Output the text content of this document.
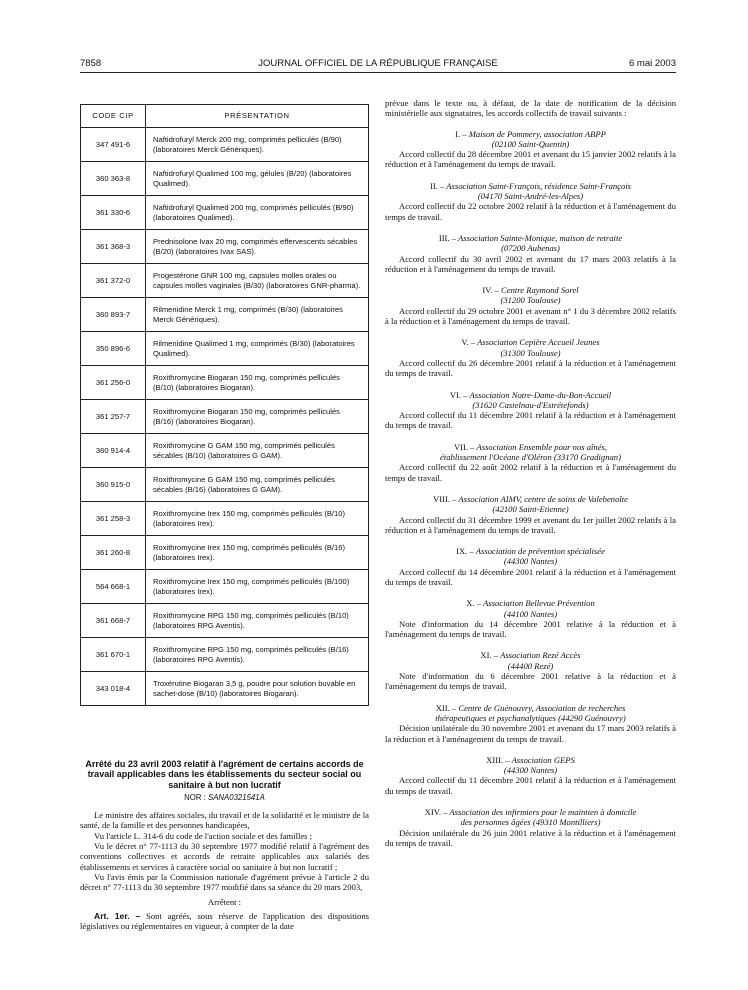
7858	JOURNAL OFFICIEL DE LA RÉPUBLIQUE FRANÇAISE	6 mai 2003
CODE CIP	PRÉSENTATION
347 491-6	Naftidrofuryl Merck 200 mg, comprimés pelliculés (B/90) (laboratoires Merck Génériques).
360 363-8	Naftidrofuryl Qualimed 100 mg, gélules (B/20) (laboratoires Qualimed).
361 330-6	Naftidrofuryl Qualimed 200 mg, comprimés pelliculés (B/90) (laboratoires Qualimed).
361 368-3	Prednisolone Ivax 20 mg, comprimés effervescents sécables (B/20) (laboratoires Ivax SAS).
361 372-0	Progestérone GNR 100 mg, capsules molles orales ou capsules molles vaginales (B/30) (laboratoires GNR-pharma).
360 893-7	Rilmenidine Merck 1 mg, comprimés (B/30) (laboratoires Merck Génériques).
350 896-6	Rilmenidine Qualimed 1 mg, comprimés (B/30) (laboratoires Qualimed).
361 256-0	Roxithromycine Biogaran 150 mg, comprimés pelliculés (B/10) (laboratoires Biogaran).
361 257-7	Roxithromycine Biogaran 150 mg, comprimés pelliculés (B/16) (laboratoires Biogaran).
360 914-4	Roxithromycine G GAM 150 mg, comprimés pelliculés sécables (B/10) (laboratoires G GAM).
360 915-0	Roxithromycine G GAM 150 mg, comprimés pelliculés sécables (B/16) (laboratoires G GAM).
361 258-3	Roxithromycine Irex 150 mg, comprimés pelliculés (B/10) (laboratoires Irex).
361 260-8	Roxithromycine Irex 150 mg, comprimés pelliculés (B/16) (laboratoires Irex).
564 668-1	Roxithromycine Irex 150 mg, comprimés pelliculés (B/100) (laboratoires Irex).
361 668-7	Roxithromycine RPG 150 mg, comprimés pelliculés (B/10) (laboratoires RPG Aventis).
361 670-1	Roxithromycine RPG 150 mg, comprimés pelliculés (B/16) (laboratoires RPG Aventis).
343 018-4	Troxérutine Biogaran 3,5 g, poudre pour solution buvable en sachet-dose (B/10) (laboratoires Biogaran).

Arrêté du 23 avril 2003 relatif à l'agrément de certains accords de travail applicables dans les établissements du secteur social ou sanitaire à but non lucratif

NOR : SANA0321541A

Le ministre des affaires sociales, du travail et de la solidarité et le ministre de la santé, de la famille et des personnes handicapées,

Vu l'article L. 314-6 du code de l'action sociale et des familles ;

Vu le décret n° 77-1113 du 30 septembre 1977 modifié relatif à l'agrément des conventions collectives et accords de retraite applicables aux salariés des établissements et services à caractère social ou sanitaire à but non lucratif ;

Vu l'avis émis par la Commission nationale d'agrément prévue à l'article 2 du décret n° 77-1113 du 30 septembre 1977 modifié dans sa séance du 20 mars 2003,

Arrêtent :

Art. 1er. – Sont agréés, sous réserve de l'application des dispositions législatives ou réglementaires en vigueur, à compter de la date

prévue dans le texte ou, à défaut, de la date de notification de la décision ministérielle aux signataires, les accords collectifs de travail suivants :

I. – Maison de Pommery, association ABPP
(02100 Saint-Quentin)

Accord collectif du 28 décembre 2001 et avenant du 15 janvier 2002 relatifs à la réduction et à l'aménagement du temps de travail.

II. – Association Saint-François, résidence Saint-François
(04170 Saint-André-les-Alpes)

Accord collectif du 22 octobre 2002 relatif à la réduction et à l'aménagement du temps de travail.

III. – Association Sainte-Monique, maison de retraite
(07200 Aubenas)

Accord collectif du 30 avril 2002 et avenant du 17 mars 2003 relatifs à la réduction et à l'aménagement du temps de travail.

IV. – Centre Raymond Sorel
(31200 Toulouse)

Accord collectif du 29 octobre 2001 et avenant n° 1 du 3 décembre 2002 relatifs à la réduction et à l'aménagement du temps de travail.

V. – Association Cepière Accueil Jeunes
(31300 Toulouse)

Accord collectif du 26 décembre 2001 relatif à la réduction et à l'aménagement du temps de travail.

VI. – Association Notre-Dame-du-Bon-Accueil
(31620 Castelnau-d'Estrétefonds)

Accord collectif du 11 décembre 2001 relatif à la réduction et à l'aménagement du temps de travail.

VII. – Association Ensemble pour nos aînés,
établissement l'Océane d'Oléron (33170 Gradignan)

Accord collectif du 22 août 2002 relatif à la réduction et à l'aménagement du temps de travail.

VIII. – Association AIMV, centre de soins de Valebenoîte
(42100 Saint-Etienne)

Accord collectif du 31 décembre 1999 et avenant du 1er juillet 2002 relatifs à la réduction et à l'aménagement du temps de travail.

IX. – Association de prévention spécialisée
(44300 Nantes)

Accord collectif du 14 décembre 2001 relatif à la réduction et à l'aménagement du temps de travail.

X. – Association Bellevue Prévention
(44100 Nantes)

Note d'information du 14 décembre 2001 relative à la réduction et à l'aménagement du temps de travail.

XI. – Association Rezé Accès
(44400 Rezé)

Note d'information du 6 décembre 2001 relative à la réduction et à l'aménagement du temps de travail.

XII. – Centre de Guénouvry, Association de recherches
thérapeutiques et psychanalytiques (44290 Guénouvry)

Décision unilatérale du 30 novembre 2001 et avenant du 17 mars 2003 relatifs à la réduction et à l'aménagement du temps de travail.

XIII. – Association GEPS
(44300 Nantes)

Accord collectif du 11 décembre 2001 relatif à la réduction et à l'aménagement du temps de travail.

XIV. – Association des infirmiers pour le maintien à domicile
des personnes âgées (49310 Montilliers)

Décision unilatérale du 26 juin 2001 relative à la réduction et à l'aménagement du temps de travail.
